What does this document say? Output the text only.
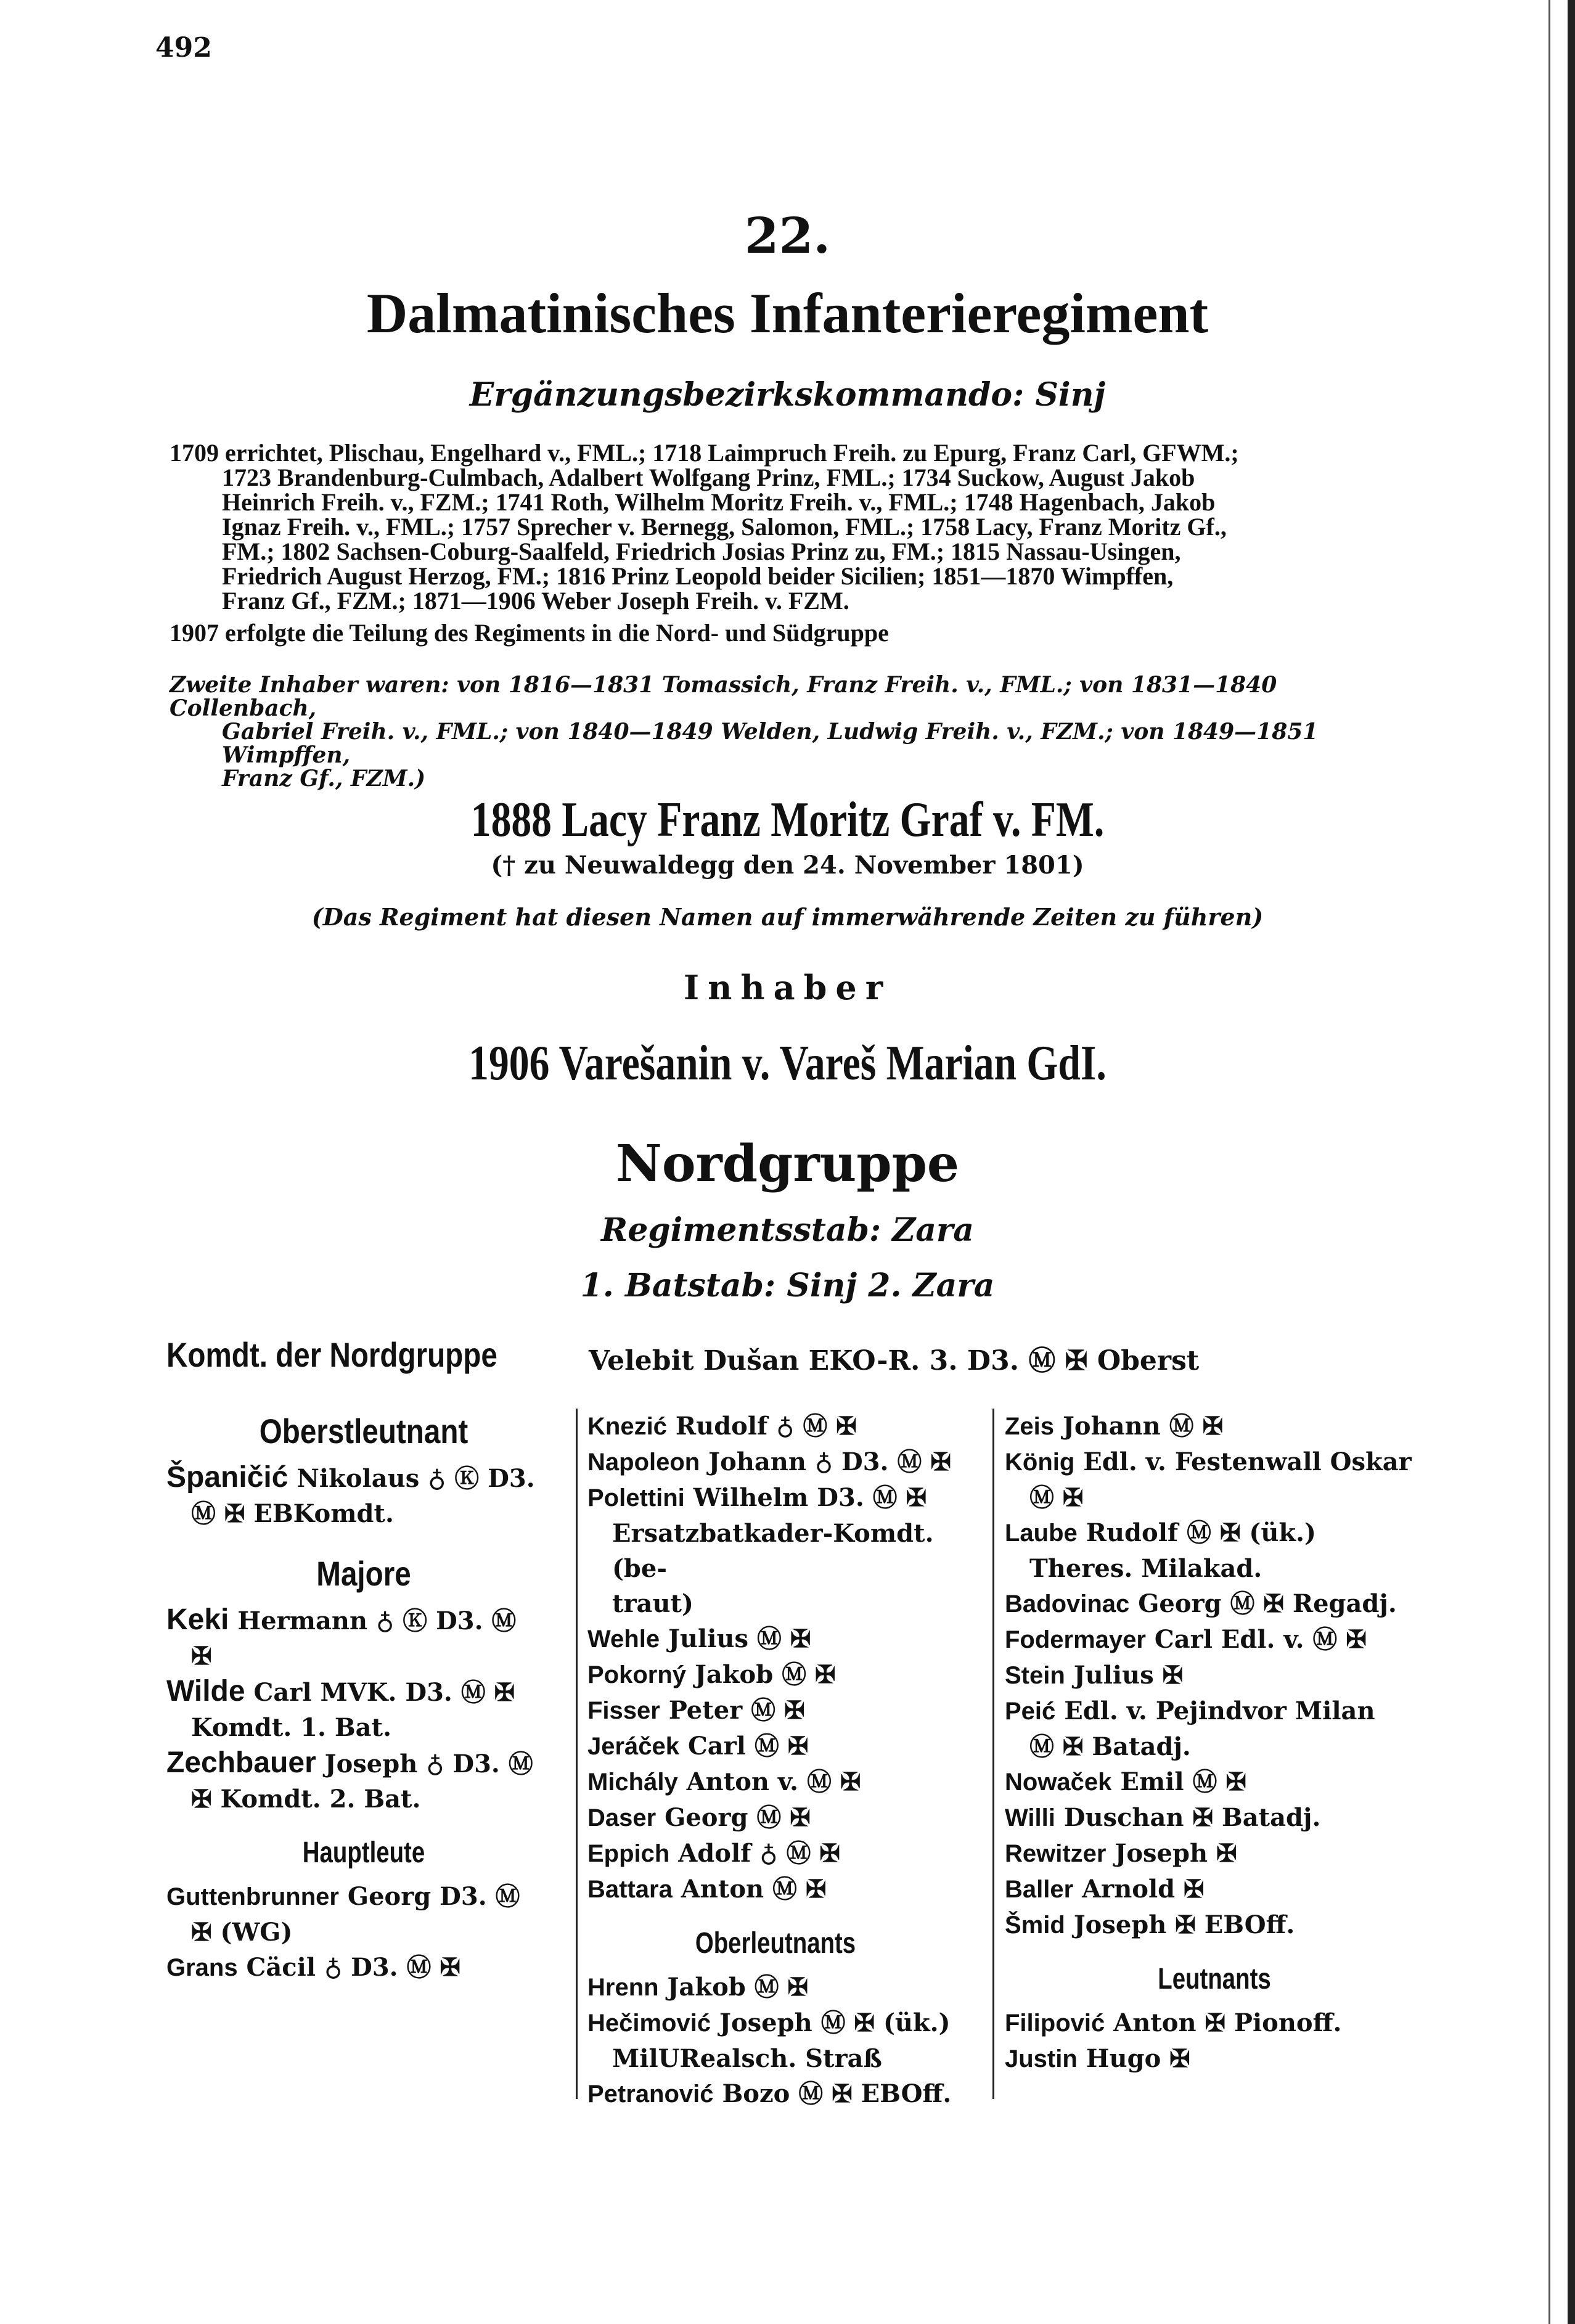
492
22.
Dalmatinisches Infanterieregiment
Ergänzungsbezirkskommando: Sinj

1709 errichtet, Plischau, Engelhard v., FML.; 1718 Laimpruch Freih. zu Epurg, Franz Carl, GFWM.;

1723 Brandenburg-Culmbach, Adalbert Wolfgang Prinz, FML.; 1734 Suckow, August Jakob

Heinrich Freih. v., FZM.; 1741 Roth, Wilhelm Moritz Freih. v., FML.; 1748 Hagenbach, Jakob

Ignaz Freih. v., FML.; 1757 Sprecher v. Bernegg, Salomon, FML.; 1758 Lacy, Franz Moritz Gf.,

FM.; 1802 Sachsen-Coburg-Saalfeld, Friedrich Josias Prinz zu, FM.; 1815 Nassau-Usingen,

Friedrich August Herzog, FM.; 1816 Prinz Leopold beider Sicilien; 1851—1870 Wimpffen,

Franz Gf., FZM.; 1871—1906 Weber Joseph Freih. v. FZM.

1907 erfolgte die Teilung des Regiments in die Nord- und Südgruppe

Zweite Inhaber waren: von 1816—1831 Tomassich, Franz Freih. v., FML.; von 1831—1840 Collenbach,

Gabriel Freih. v., FML.; von 1840—1849 Welden, Ludwig Freih. v., FZM.; von 1849—1851 Wimpffen,

Franz Gf., FZM.)

1888 Lacy Franz Moritz Graf v. FM.
(† zu Neuwaldegg den 24. November 1801)
(Das Regiment hat diesen Namen auf immerwährende Zeiten zu führen)
Inhaber
1906 Varešanin v. Vareš Marian GdI.
Nordgruppe
Regimentsstab: Zara
1. Batstab: Sinj 2. Zara
Komdt. der Nordgruppe	Velebit Dušan EKO-R. 3. D3. Ⓜ ✠ Oberst
Oberstleutnant

Španičić Nikolaus ♁ Ⓚ D3.

Ⓜ ✠ EBKomdt.

Majore

Keki Hermann ♁ Ⓚ D3. Ⓜ

✠

Wilde Carl MVK. D3. Ⓜ ✠

Komdt. 1. Bat.

Zechbauer Joseph ♁ D3. Ⓜ

✠ Komdt. 2. Bat.

Hauptleute

Guttenbrunner Georg D3. Ⓜ

✠ (WG)

Grans Cäcil ♁ D3. Ⓜ ✠

Knezić Rudolf ♁ Ⓜ ✠

Napoleon Johann ♁ D3. Ⓜ ✠

Polettini Wilhelm D3. Ⓜ ✠

Ersatzbatkader-Komdt. (be-

traut)

Wehle Julius Ⓜ ✠

Pokorný Jakob Ⓜ ✠

Fisser Peter Ⓜ ✠

Jeráček Carl Ⓜ ✠

Michály Anton v. Ⓜ ✠

Daser Georg Ⓜ ✠

Eppich Adolf ♁ Ⓜ ✠

Battara Anton Ⓜ ✠

Oberleutnants

Hrenn Jakob Ⓜ ✠

Hečimović Joseph Ⓜ ✠ (ük.)

MilURealsch. Straß

Petranović Bozo Ⓜ ✠ EBOff.

Zeis Johann Ⓜ ✠

König Edl. v. Festenwall Oskar

Ⓜ ✠

Laube Rudolf Ⓜ ✠ (ük.)

Theres. Milakad.

Badovinac Georg Ⓜ ✠ Regadj.

Fodermayer Carl Edl. v. Ⓜ ✠

Stein Julius ✠

Peić Edl. v. Pejindvor Milan

Ⓜ ✠ Batadj.

Nowaček Emil Ⓜ ✠

Willi Duschan ✠ Batadj.

Rewitzer Joseph ✠

Baller Arnold ✠

Šmid Joseph ✠ EBOff.

Leutnants

Filipović Anton ✠ Pionoff.

Justin Hugo ✠
